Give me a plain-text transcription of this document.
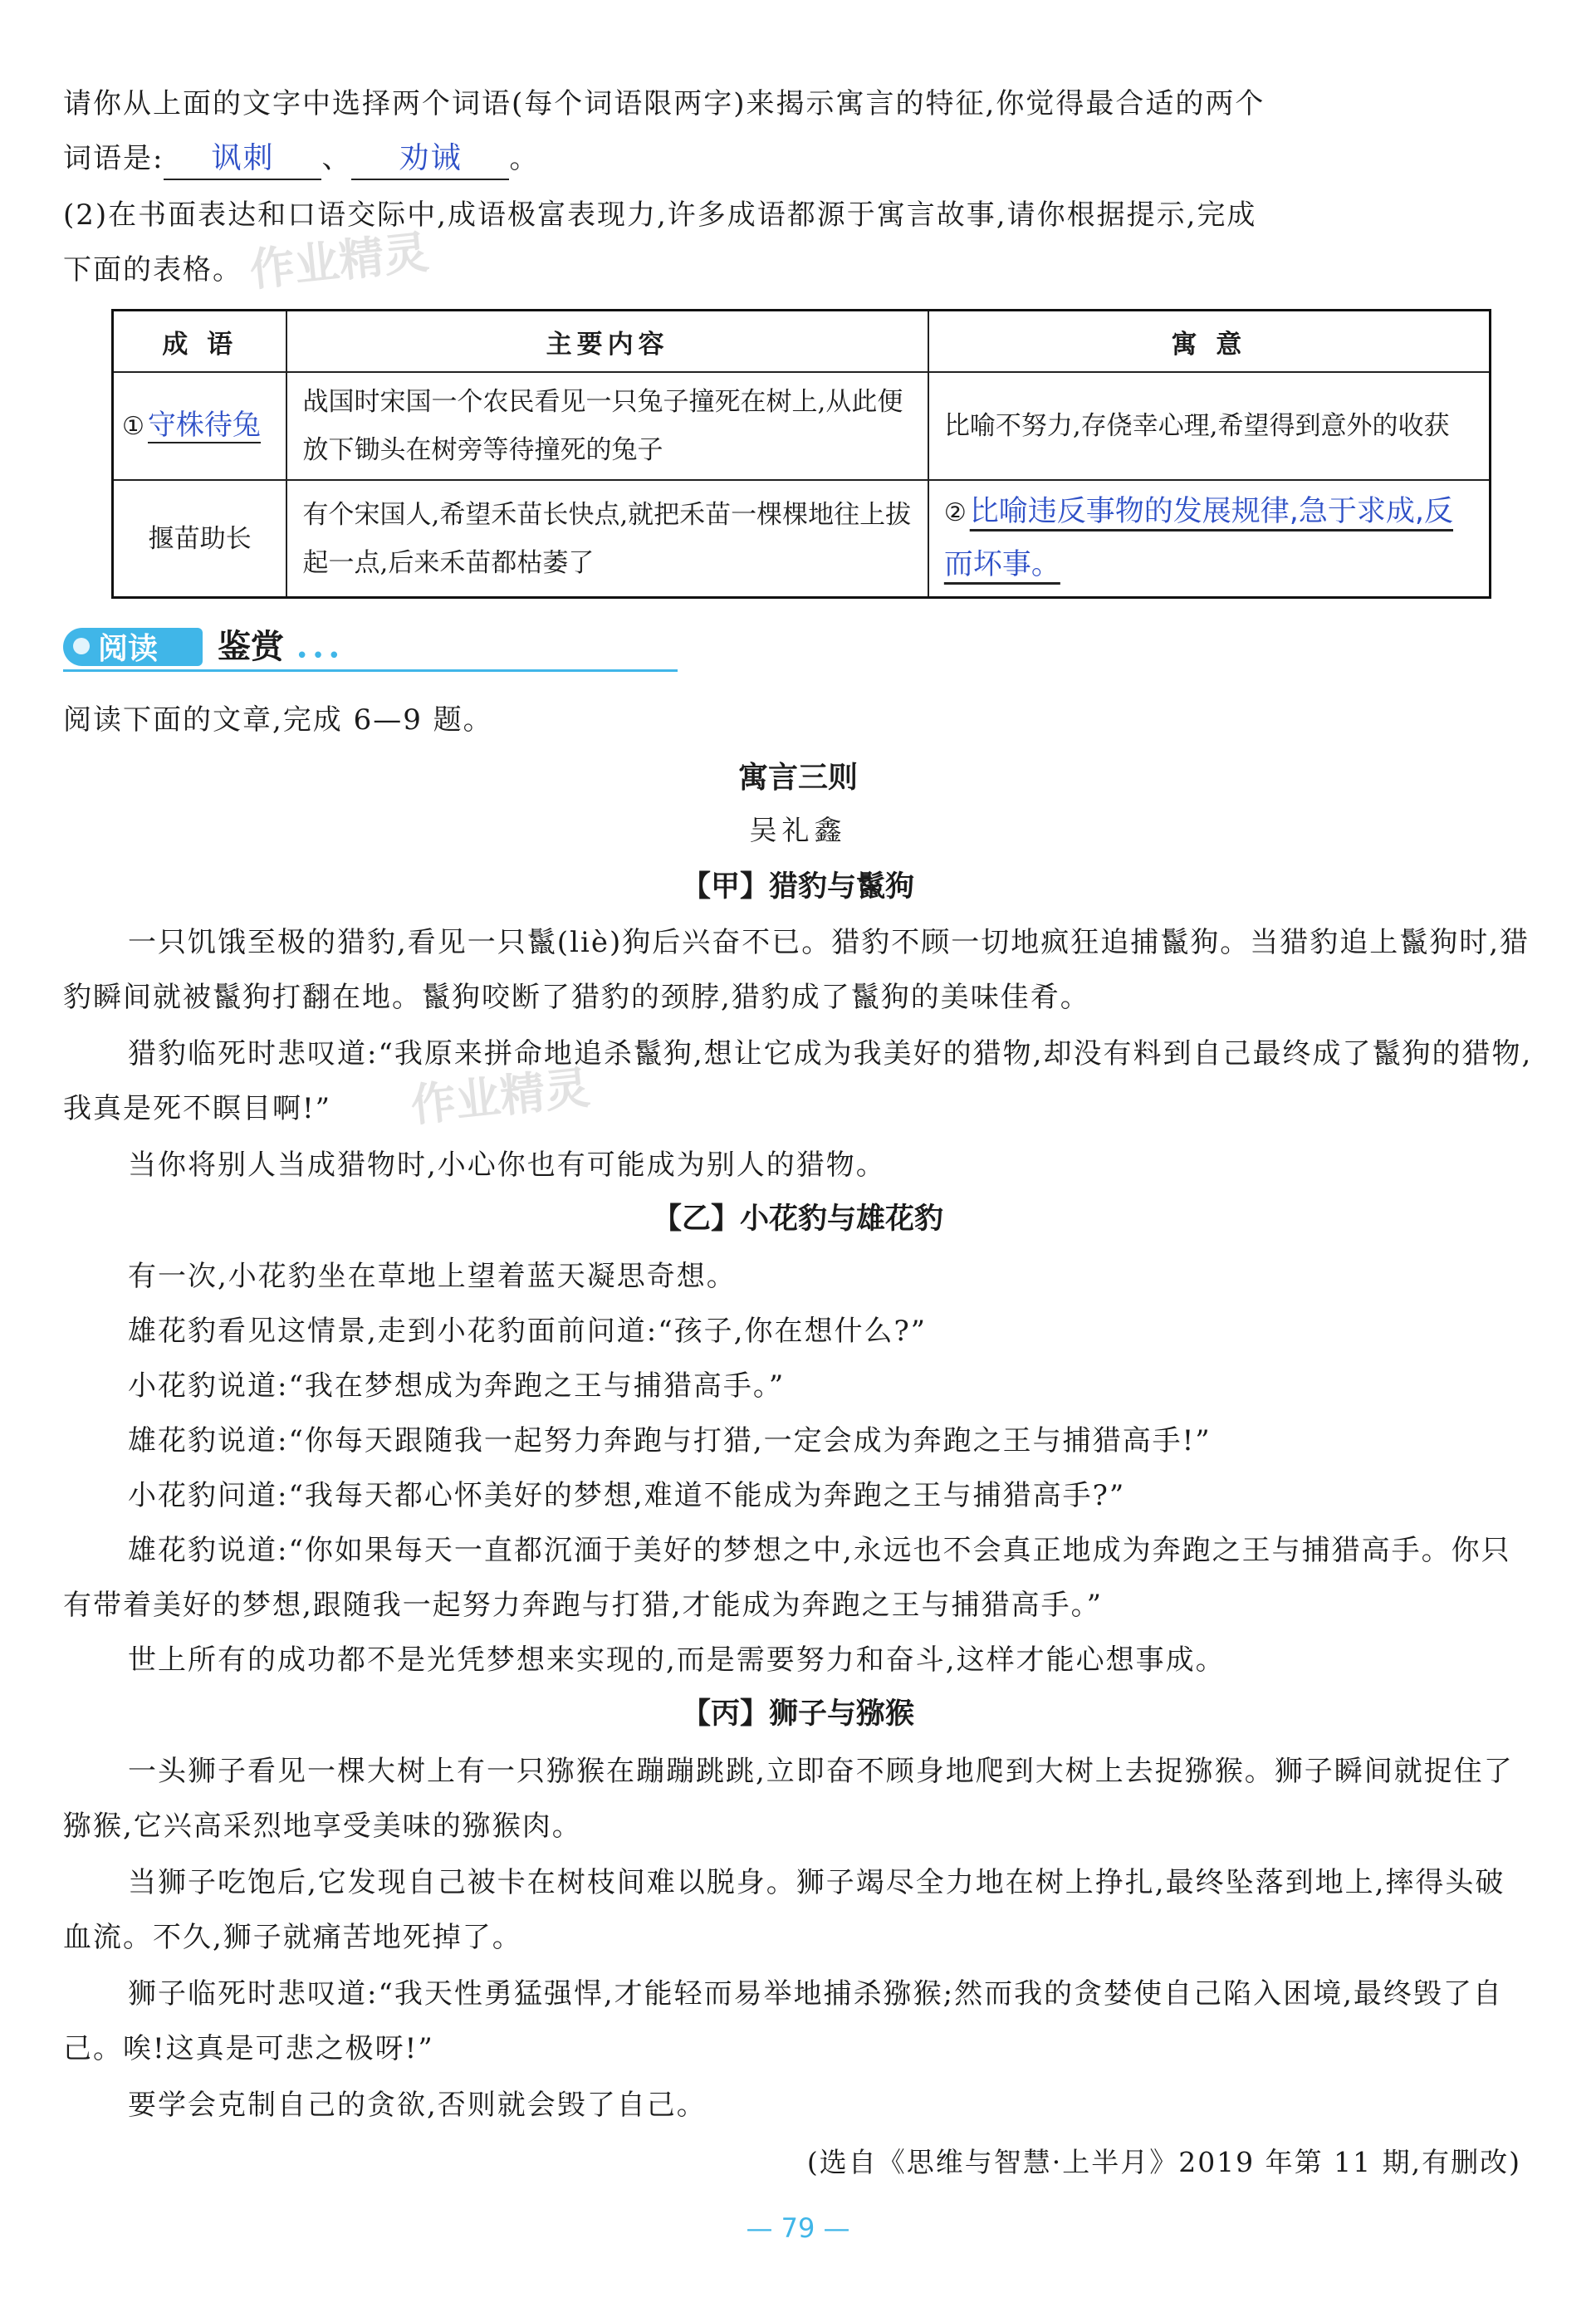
作业精灵
作业精灵

请你从上面的文字中选择两个词语(每个词语限两字)来揭示寓言的特征,你觉得最合适的两个

词语是: 讽刺 、 劝诫 。

(2)在书面表达和口语交际中,成语极富表现力,许多成语都源于寓言故事,请你根据提示,完成

下面的表格。

成 语	主要内容	寓 意
① 守株待兔	战国时宋国一个农民看见一只兔子撞死在树上,从此便放下锄头在树旁等待撞死的兔子	比喻不努力,存侥幸心理,希望得到意外的收获
揠苗助长	有个宋国人,希望禾苗长快点,就把禾苗一棵棵地往上拔起一点,后来禾苗都枯萎了	② 比喻违反事物的发展规律,急于求成,反而坏事。
阅读 鉴赏 •••

阅读下面的文章,完成 6—9 题。

寓言三则

吴礼鑫

【甲】猎豹与鬣狗

一只饥饿至极的猎豹,看见一只鬣(liè)狗后兴奋不已。猎豹不顾一切地疯狂追捕鬣狗。当猎豹追上鬣狗时,猎豹瞬间就被鬣狗打翻在地。鬣狗咬断了猎豹的颈脖,猎豹成了鬣狗的美味佳肴。

猎豹临死时悲叹道:“我原来拼命地追杀鬣狗,想让它成为我美好的猎物,却没有料到自己最终成了鬣狗的猎物,我真是死不瞑目啊!”

当你将别人当成猎物时,小心你也有可能成为别人的猎物。

【乙】小花豹与雄花豹

有一次,小花豹坐在草地上望着蓝天凝思奇想。

雄花豹看见这情景,走到小花豹面前问道:“孩子,你在想什么?”

小花豹说道:“我在梦想成为奔跑之王与捕猎高手。”

雄花豹说道:“你每天跟随我一起努力奔跑与打猎,一定会成为奔跑之王与捕猎高手!”

小花豹问道:“我每天都心怀美好的梦想,难道不能成为奔跑之王与捕猎高手?”

雄花豹说道:“你如果每天一直都沉湎于美好的梦想之中,永远也不会真正地成为奔跑之王与捕猎高手。你只有带着美好的梦想,跟随我一起努力奔跑与打猎,才能成为奔跑之王与捕猎高手。”

世上所有的成功都不是光凭梦想来实现的,而是需要努力和奋斗,这样才能心想事成。

【丙】狮子与猕猴

一头狮子看见一棵大树上有一只猕猴在蹦蹦跳跳,立即奋不顾身地爬到大树上去捉猕猴。狮子瞬间就捉住了猕猴,它兴高采烈地享受美味的猕猴肉。

当狮子吃饱后,它发现自己被卡在树枝间难以脱身。狮子竭尽全力地在树上挣扎,最终坠落到地上,摔得头破血流。不久,狮子就痛苦地死掉了。

狮子临死时悲叹道:“我天性勇猛强悍,才能轻而易举地捕杀猕猴;然而我的贪婪使自己陷入困境,最终毁了自己。唉!这真是可悲之极呀!”

要学会克制自己的贪欲,否则就会毁了自己。

(选自《思维与智慧·上半月》2019 年第 11 期,有删改)

— 79 —
